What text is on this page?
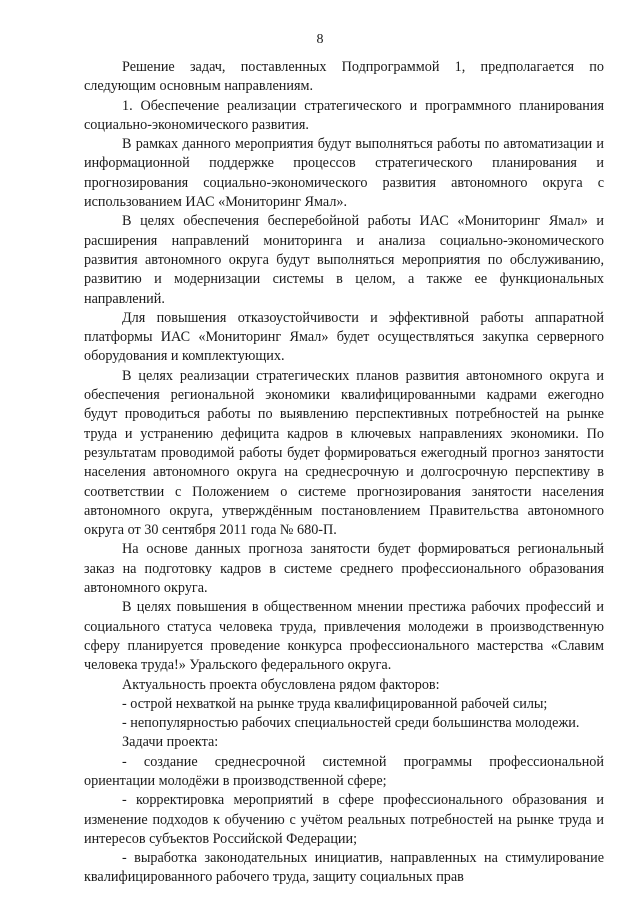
8

Решение задач, поставленных Подпрограммой 1, предполагается по следующим основным направлениям.

1. Обеспечение реализации стратегического и программного планирования социально-экономического развития.

В рамках данного мероприятия будут выполняться работы по автоматизации и информационной поддержке процессов стратегического планирования и прогнозирования социально-экономического развития автономного округа с использованием ИАС «Мониторинг Ямал».

В целях обеспечения бесперебойной работы ИАС «Мониторинг Ямал» и расширения направлений мониторинга и анализа социально-экономического развития автономного округа будут выполняться мероприятия по обслуживанию, развитию и модернизации системы в целом, а также ее функциональных направлений.

Для повышения отказоустойчивости и эффективной работы аппаратной платформы ИАС «Мониторинг Ямал» будет осуществляться закупка серверного оборудования и комплектующих.

В целях реализации стратегических планов развития автономного округа и обеспечения региональной экономики квалифицированными кадрами ежегодно будут проводиться работы по выявлению перспективных потребностей на рынке труда и устранению дефицита кадров в ключевых направлениях экономики. По результатам проводимой работы будет формироваться ежегодный прогноз занятости населения автономного округа на среднесрочную и долгосрочную перспективу в соответствии с Положением о системе прогнозирования занятости населения автономного округа, утверждённым постановлением Правительства автономного округа от 30 сентября 2011 года № 680-П.

На основе данных прогноза занятости будет формироваться региональный заказ на подготовку кадров в системе среднего профессионального образования автономного округа.

В целях повышения в общественном мнении престижа рабочих профессий и социального статуса человека труда, привлечения молодежи в производственную сферу планируется проведение конкурса профессионального мастерства «Славим человека труда!» Уральского федерального округа.

Актуальность проекта обусловлена рядом факторов:

- острой нехваткой на рынке труда квалифицированной рабочей силы;

- непопулярностью рабочих специальностей среди большинства молодежи.

Задачи проекта:

- создание среднесрочной системной программы профессиональной ориентации молодёжи в производственной сфере;

- корректировка мероприятий в сфере профессионального образования и изменение подходов к обучению с учётом реальных потребностей на рынке труда и интересов субъектов Российской Федерации;

- выработка законодательных инициатив, направленных на стимулирование квалифицированного рабочего труда, защиту социальных прав
